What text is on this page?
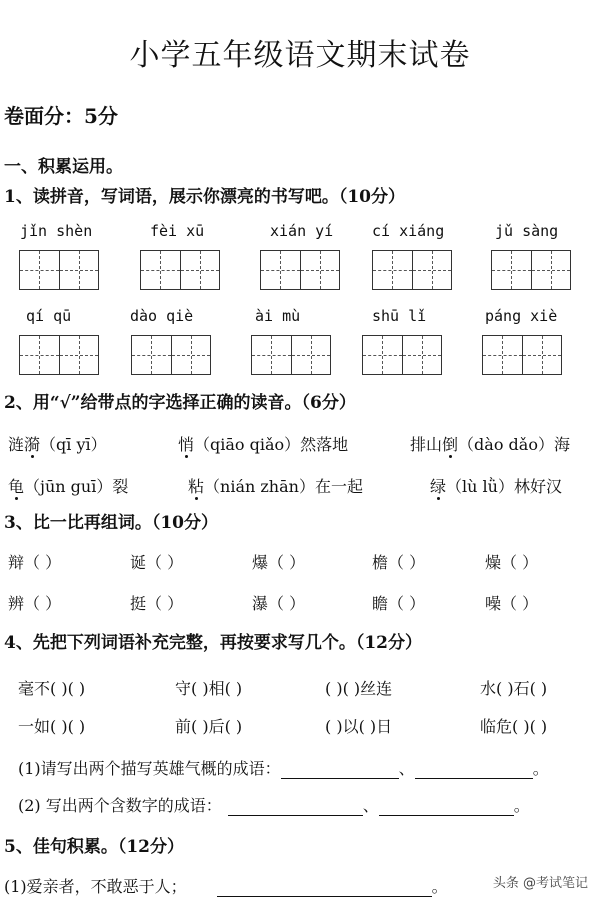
小学五年级语文期末试卷
卷面分：5分
一、积累运用。
1、读拼音，写词语，展示你漂亮的书写吧。（10分）
jǐn shèn	fèi xū	xián yí	cí xiáng	jǔ sàng
qí qū	dào qiè	ài mù	shū lǐ	páng xiè
2、用“√”给带点的字选择正确的读音。（6分）
涟漪（qī yī）	悄（qiāo qiǎo）然落地	排山倒（dào dǎo）海
龟（jūn guī）裂	粘（nián zhān）在一起	绿（lù lǜ）林好汉
3、比一比再组词。（10分）
辩（ ）	诞（ ）	爆（ ）	檐（ ）	燥（ ）
辨（ ）	挺（ ）	瀑（ ）	瞻（ ）	噪（ ）
4、先把下列词语补充完整，再按要求写几个。（12分）
毫不( )( )	守( )相( )	( )( )丝连	水( )石( )
一如( )( )	前( )后( )	( )以( )日	临危( )( )
(1)请写出两个描写英雄气概的成语：	、	。
(2) 写出两个含数字的成语：	、	。
5、佳句积累。（12分）
(1)爱亲者，不敢恶于人；	。	头条 @考试笔记
